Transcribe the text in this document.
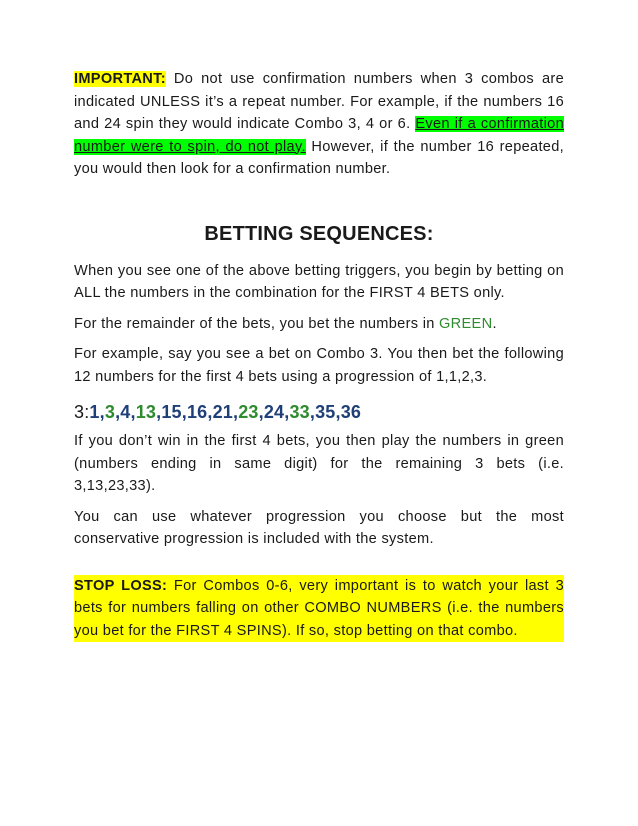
IMPORTANT: Do not use confirmation numbers when 3 combos are indicated UNLESS it’s a repeat number. For example, if the numbers 16 and 24 spin they would indicate Combo 3, 4 or 6. Even if a confirmation number were to spin, do not play. However, if the number 16 repeated, you would then look for a confirmation number.

BETTING SEQUENCES:

When you see one of the above betting triggers, you begin by betting on ALL the numbers in the combination for the FIRST 4 BETS only.

For the remainder of the bets, you bet the numbers in GREEN.

For example, say you see a bet on Combo 3. You then bet the following 12 numbers for the first 4 bets using a progression of 1,1,2,3.

3:1,3,4,13,15,16,21,23,24,33,35,36

If you don’t win in the first 4 bets, you then play the numbers in green (numbers ending in same digit) for the remaining 3 bets (i.e. 3,13,23,33).

You can use whatever progression you choose but the most conservative progression is included with the system.

STOP LOSS: For Combos 0-6, very important is to watch your last 3 bets for numbers falling on other COMBO NUMBERS (i.e. the numbers you bet for the FIRST 4 SPINS). If so, stop betting on that combo.
